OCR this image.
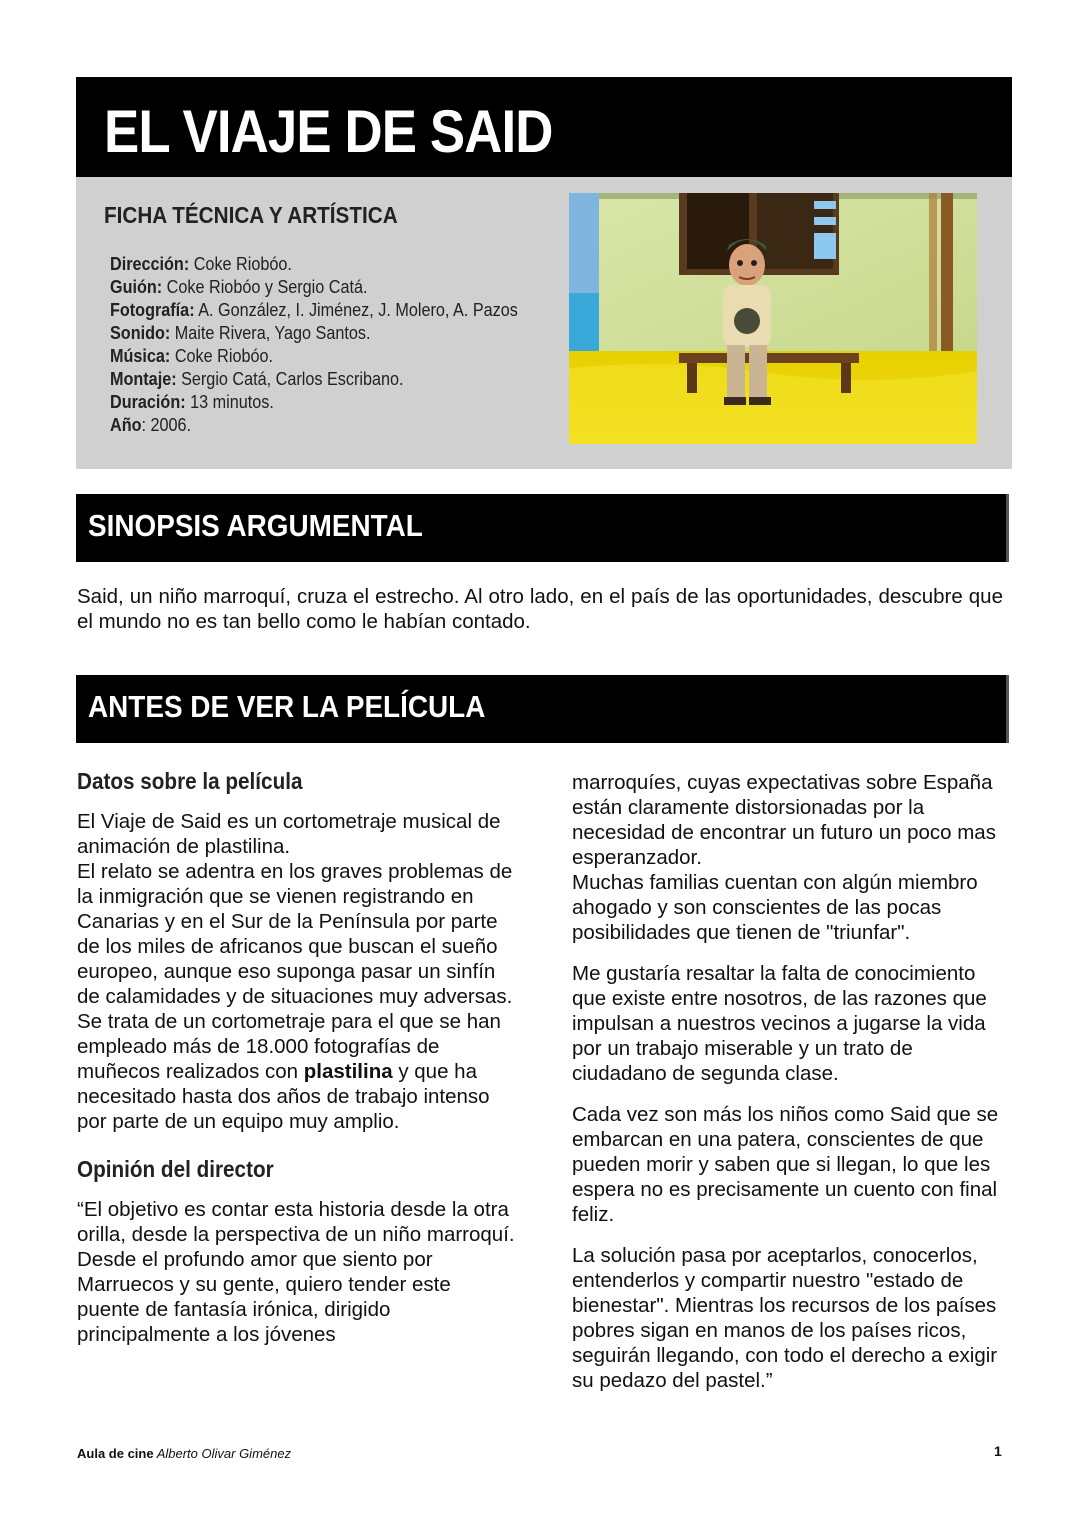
EL VIAJE DE SAID
FICHA TÉCNICA Y ARTÍSTICA
Dirección: Coke Riobóo.
Guión: Coke Riobóo y Sergio Catá.
Fotografía: A. González, I. Jiménez, J. Molero, A. Pazos
Sonido: Maite Rivera, Yago Santos.
Música: Coke Riobóo.
Montaje: Sergio Catá, Carlos Escribano.
Duración: 13 minutos.
Año: 2006.
SINOPSIS ARGUMENTAL

Said, un niño marroquí, cruza el estrecho. Al otro lado, en el país de las oportunidades, descubre que el mundo no es tan bello como le habían contado.

ANTES DE VER LA PELÍCULA
Datos sobre la película

El Viaje de Said es un cortometraje musical de animación de plastilina.

El relato se adentra en los graves problemas de la inmigración que se vienen registrando en Canarias y en el Sur de la Península por parte de los miles de africanos que buscan el sueño europeo, aunque eso suponga pasar un sinfín de calamidades y de situaciones muy adversas.

Se trata de un cortometraje para el que se han empleado más de 18.000 fotografías de muñecos realizados con plastilina y que ha necesitado hasta dos años de trabajo intenso por parte de un equipo muy amplio.

Opinión del director

“El objetivo es contar esta historia desde la otra orilla, desde la perspectiva de un niño marroquí. Desde el profundo amor que siento por Marruecos y su gente, quiero tender este puente de fantasía irónica, dirigido principalmente a los jóvenes

marroquíes, cuyas expectativas sobre España están claramente distorsionadas por la necesidad de encontrar un futuro un poco mas esperanzador.

Muchas familias cuentan con algún miembro ahogado y son conscientes de las pocas posibilidades que tienen de "triunfar".

Me gustaría resaltar la falta de conocimiento que existe entre nosotros, de las razones que impulsan a nuestros vecinos a jugarse la vida por un trabajo miserable y un trato de ciudadano de segunda clase.

Cada vez son más los niños como Said que se embarcan en una patera, conscientes de que pueden morir y saben que si llegan, lo que les espera no es precisamente un cuento con final feliz.

La solución pasa por aceptarlos, conocerlos, entenderlos y compartir nuestro "estado de bienestar". Mientras los recursos de los países pobres sigan en manos de los países ricos, seguirán llegando, con todo el derecho a exigir su pedazo del pastel.”

Aula de cine Alberto Olivar Giménez	1
